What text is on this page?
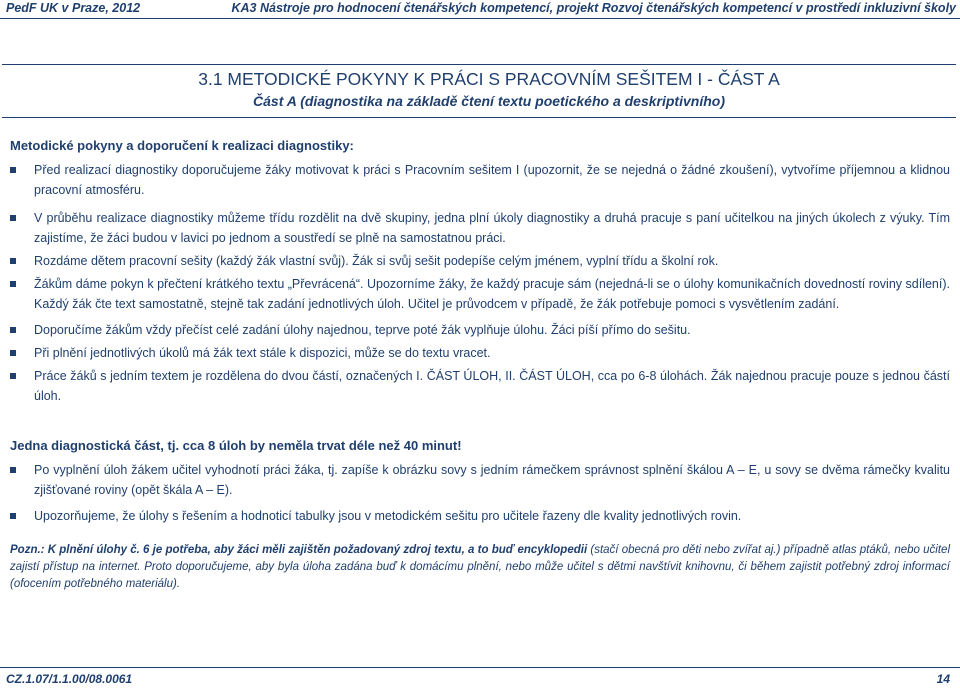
PedF UK v Praze, 2012	KA3 Nástroje pro hodnocení čtenářských kompetencí, projekt Rozvoj čtenářských kompetencí v prostředí inkluzivní školy
3.1 METODICKÉ POKYNY K PRÁCI S PRACOVNÍM SEŠITEM I - ČÁST A
Část A (diagnostika na základě čtení textu poetického a deskriptivního)
Metodické pokyny a doporučení k realizaci diagnostiky:
Před realizací diagnostiky doporučujeme žáky motivovat k práci s Pracovním sešitem I (upozornit, že se nejedná o žádné zkoušení), vytvoříme příjemnou a klidnou pracovní atmosféru.
V průběhu realizace diagnostiky můžeme třídu rozdělit na dvě skupiny, jedna plní úkoly diagnostiky a druhá pracuje s paní učitelkou na jiných úkolech z výuky. Tím zajistíme, že žáci budou v lavici po jednom a soustředí se plně na samostatnou práci.
Rozdáme dětem pracovní sešity (každý žák vlastní svůj). Žák si svůj sešit podepíše celým jménem, vyplní třídu a školní rok.
Žákům dáme pokyn k přečtení krátkého textu „Převrácená“. Upozorníme žáky, že každý pracuje sám (nejedná-li se o úlohy komunikačních dovedností roviny sdílení). Každý žák čte text samostatně, stejně tak zadání jednotlivých úloh. Učitel je průvodcem v případě, že žák potřebuje pomoci s vysvětlením zadání.
Doporučíme žákům vždy přečíst celé zadání úlohy najednou, teprve poté žák vyplňuje úlohu. Žáci píší přímo do sešitu.
Při plnění jednotlivých úkolů má žák text stále k dispozici, může se do textu vracet.
Práce žáků s jedním textem je rozdělena do dvou částí, označených I. ČÁST ÚLOH, II. ČÁST ÚLOH, cca po 6-8 úlohách. Žák najednou pracuje pouze s jednou částí úloh.
Jedna diagnostická část, tj. cca 8 úloh by neměla trvat déle než 40 minut!
Po vyplnění úloh žákem učitel vyhodnotí práci žáka, tj. zapíše k obrázku sovy s jedním rámečkem správnost splnění škálou A – E, u sovy se dvěma rámečky kvalitu zjišťované roviny (opět škála A – E).
Upozorňujeme, že úlohy s řešením a hodnoticí tabulky jsou v metodickém sešitu pro učitele řazeny dle kvality jednotlivých rovin.
Pozn.: K plnění úlohy č. 6 je potřeba, aby žáci měli zajištěn požadovaný zdroj textu, a to buď encyklopedii (stačí obecná pro děti nebo zvířat aj.) případně atlas ptáků, nebo učitel zajistí přístup na internet. Proto doporučujeme, aby byla úloha zadána buď k domácímu plnění, nebo může učitel s dětmi navštívit knihovnu, či během zajistit potřebný zdroj informací (ofocením potřebného materiálu).
CZ.1.07/1.1.00/08.0061	14
